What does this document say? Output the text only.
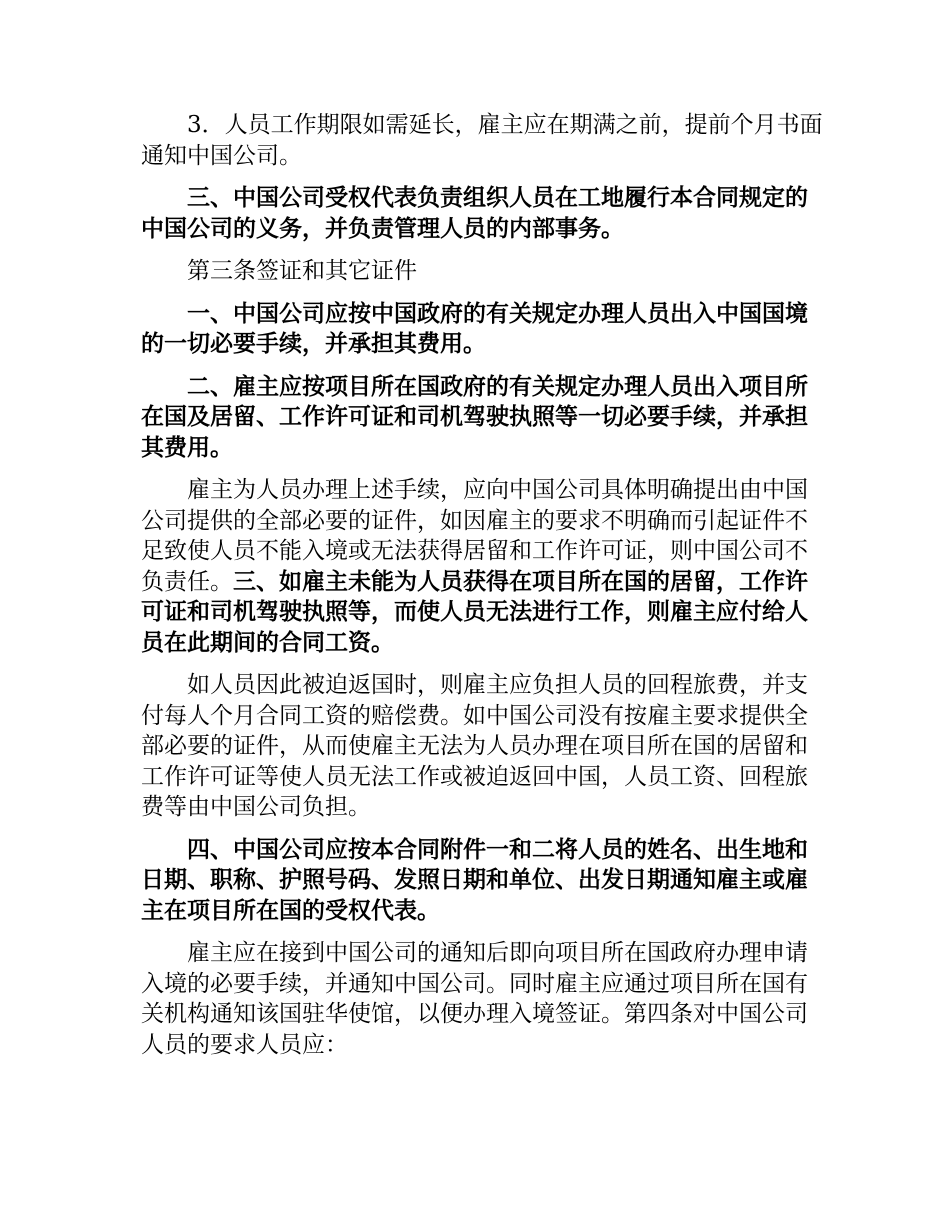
3．人员工作期限如需延长，雇主应在期满之前，提前个月书面通知中国公司。

三、中国公司受权代表负责组织人员在工地履行本合同规定的中国公司的义务，并负责管理人员的内部事务。

第三条签证和其它证件

一、中国公司应按中国政府的有关规定办理人员出入中国国境的一切必要手续，并承担其费用。

二、雇主应按项目所在国政府的有关规定办理人员出入项目所在国及居留、工作许可证和司机驾驶执照等一切必要手续，并承担其费用。

雇主为人员办理上述手续，应向中国公司具体明确提出由中国公司提供的全部必要的证件，如因雇主的要求不明确而引起证件不足致使人员不能入境或无法获得居留和工作许可证，则中国公司不负责任。三、如雇主未能为人员获得在项目所在国的居留，工作许可证和司机驾驶执照等，而使人员无法进行工作，则雇主应付给人员在此期间的合同工资。

如人员因此被迫返国时，则雇主应负担人员的回程旅费，并支付每人个月合同工资的赔偿费。如中国公司没有按雇主要求提供全部必要的证件，从而使雇主无法为人员办理在项目所在国的居留和工作许可证等使人员无法工作或被迫返回中国，人员工资、回程旅费等由中国公司负担。

四、中国公司应按本合同附件一和二将人员的姓名、出生地和日期、职称、护照号码、发照日期和单位、出发日期通知雇主或雇主在项目所在国的受权代表。

雇主应在接到中国公司的通知后即向项目所在国政府办理申请入境的必要手续，并通知中国公司。同时雇主应通过项目所在国有关机构通知该国驻华使馆，以便办理入境签证。第四条对中国公司人员的要求人员应：
